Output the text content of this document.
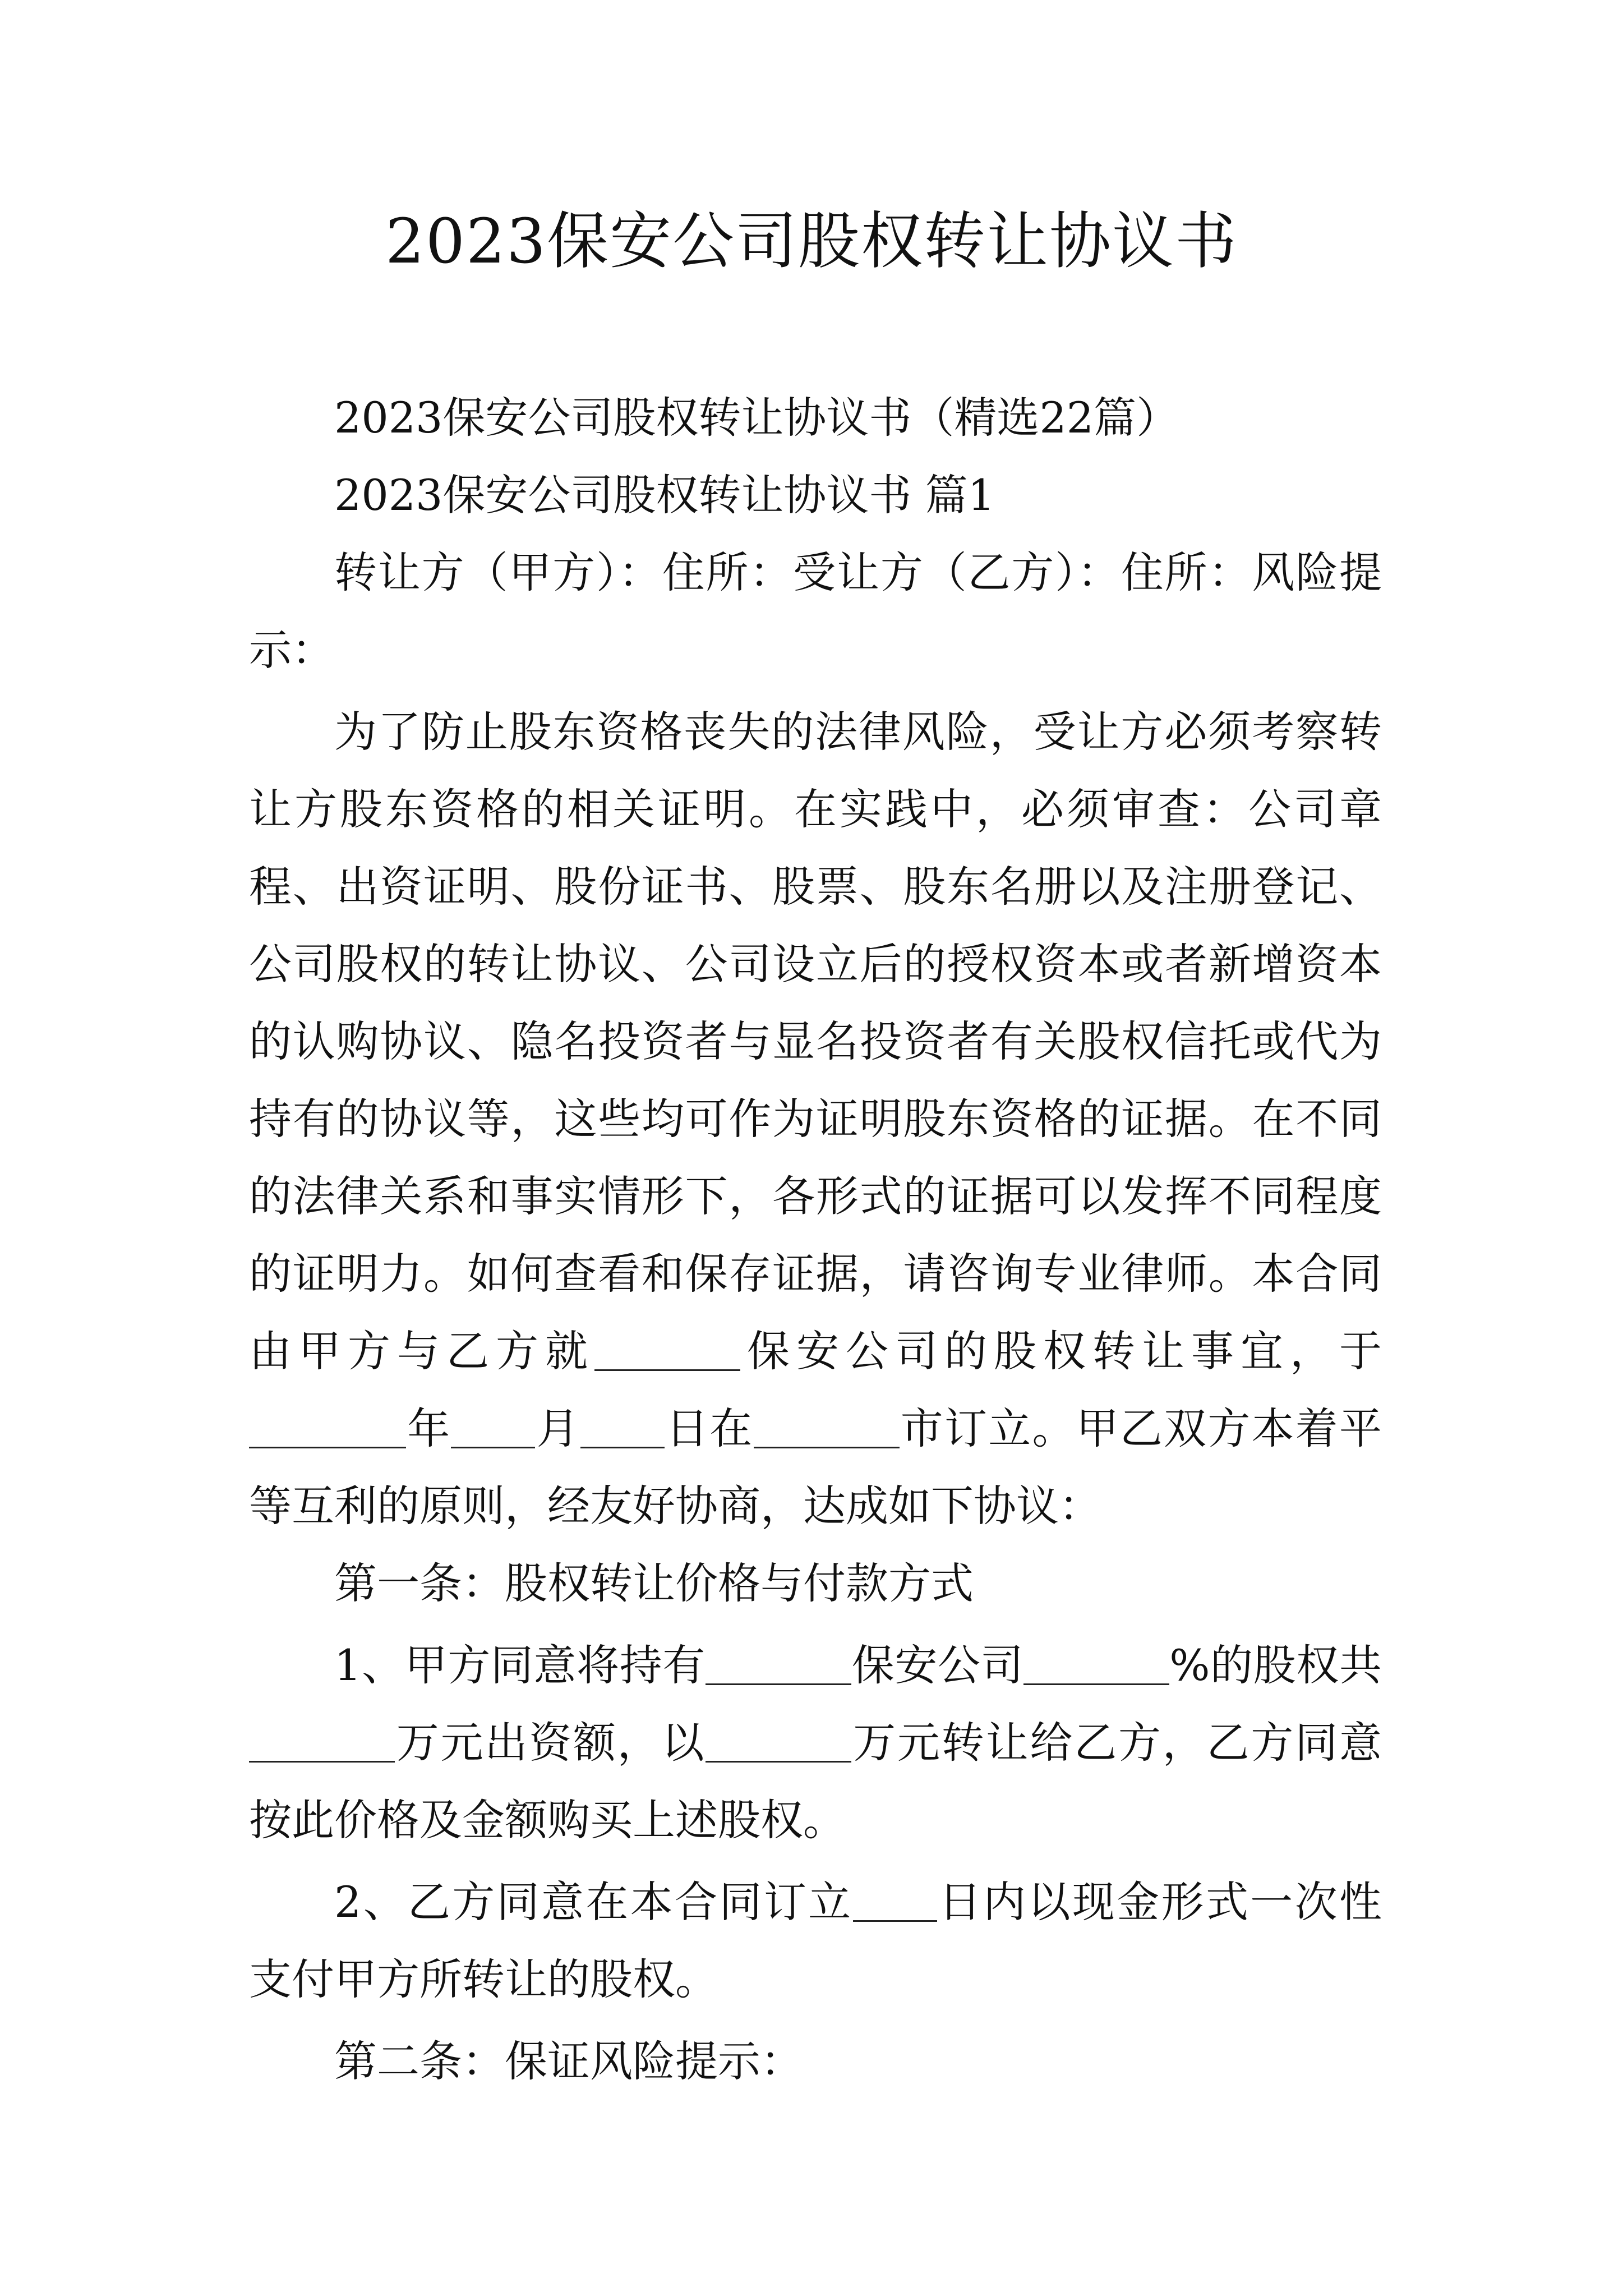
2023保安公司股权转让协议书

2023保安公司股权转让协议书（精选22篇）

2023保安公司股权转让协议书 篇1

转让方（甲方）：住所：受让方（乙方）：住所：风险提示：

为了防止股东资格丧失的法律风险，受让方必须考察转让方股东资格的相关证明。在实践中，必须审查：公司章程、出资证明、股份证书、股票、股东名册以及注册登记、公司股权的转让协议、公司设立后的授权资本或者新增资本的认购协议、隐名投资者与显名投资者有关股权信托或代为持有的协议等，这些均可作为证明股东资格的证据。在不同的法律关系和事实情形下，各形式的证据可以发挥不同程度的证明力。如何查看和保存证据，请咨询专业律师。本合同由甲方与乙方就	保安公司的股权转让事宜，于年 月 日在	市订立。甲乙双方本着平等互利的原则，经友好协商，达成如下协议：

第一条：股权转让价格与付款方式

1、甲方同意将持有	保安公司	%的股权共万元出资额，以	万元转让给乙方，乙方同意按此价格及金额购买上述股权。

2、乙方同意在本合同订立 日内以现金形式一次性支付甲方所转让的股权。

第二条：保证风险提示：
